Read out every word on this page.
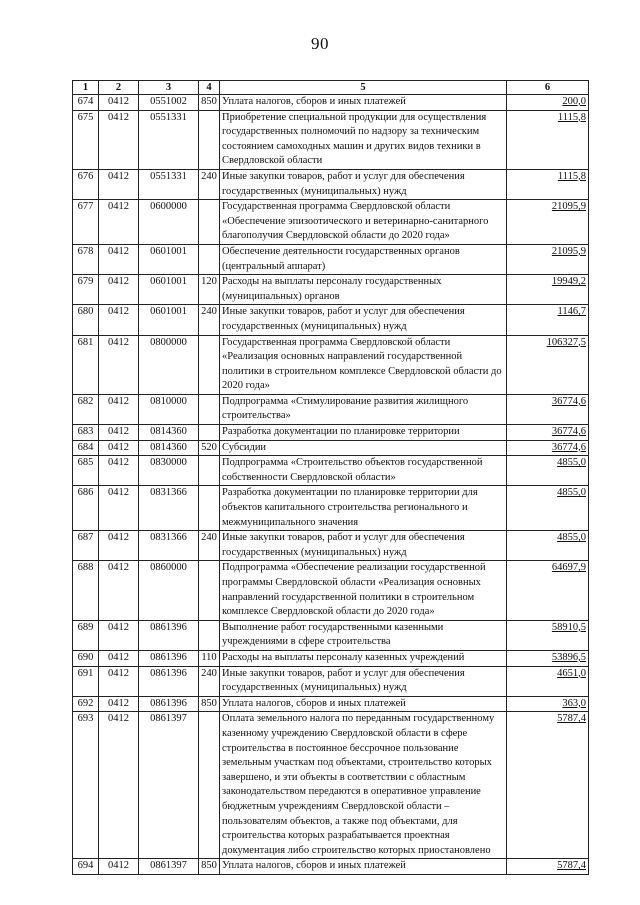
90
1	2	3	4	5	6
674	0412	0551002	850	Уплата налогов, сборов и иных платежей	200,0
675	0412	0551331		Приобретение специальной продукции для осуществления государственных полномочий по надзору за техническим состоянием самоходных машин и других видов техники в Свердловской области	1115,8
676	0412	0551331	240	Иные закупки товаров, работ и услуг для обеспечения государственных (муниципальных) нужд	1115,8
677	0412	0600000		Государственная программа Свердловской области «Обеспечение эпизоотического и ветеринарно-санитарного благополучия Свердловской области до 2020 года»	21095,9
678	0412	0601001		Обеспечение деятельности государственных органов (центральный аппарат)	21095,9
679	0412	0601001	120	Расходы на выплаты персоналу государственных (муниципальных) органов	19949,2
680	0412	0601001	240	Иные закупки товаров, работ и услуг для обеспечения государственных (муниципальных) нужд	1146,7
681	0412	0800000		Государственная программа Свердловской области «Реализация основных направлений государственной политики в строительном комплексе Свердловской области до 2020 года»	106327,5
682	0412	0810000		Подпрограмма «Стимулирование развития жилищного строительства»	36774,6
683	0412	0814360		Разработка документации по планировке территории	36774,6
684	0412	0814360	520	Субсидии	36774,6
685	0412	0830000		Подпрограмма «Строительство объектов государственной собственности Свердловской области»	4855,0
686	0412	0831366		Разработка документации по планировке территории для объектов капитального строительства регионального и межмуниципального значения	4855,0
687	0412	0831366	240	Иные закупки товаров, работ и услуг для обеспечения государственных (муниципальных) нужд	4855,0
688	0412	0860000		Подпрограмма «Обеспечение реализации государственной программы Свердловской области «Реализация основных направлений государственной политики в строительном комплексе Свердловской области до 2020 года»	64697,9
689	0412	0861396		Выполнение работ государственными казенными учреждениями в сфере строительства	58910,5
690	0412	0861396	110	Расходы на выплаты персоналу казенных учреждений	53896,5
691	0412	0861396	240	Иные закупки товаров, работ и услуг для обеспечения государственных (муниципальных) нужд	4651,0
692	0412	0861396	850	Уплата налогов, сборов и иных платежей	363,0
693	0412	0861397		Оплата земельного налога по переданным государственному казенному учреждению Свердловской области в сфере строительства в постоянное бессрочное пользование земельным участкам под объектами, строительство которых завершено, и эти объекты в соответствии с областным законодательством передаются в оперативное управление бюджетным учреждениям Свердловской области – пользователям объектов, а также под объектами, для строительства которых разрабатывается проектная документация либо строительство которых приостановлено	5787,4
694	0412	0861397	850	Уплата налогов, сборов и иных платежей	5787,4
